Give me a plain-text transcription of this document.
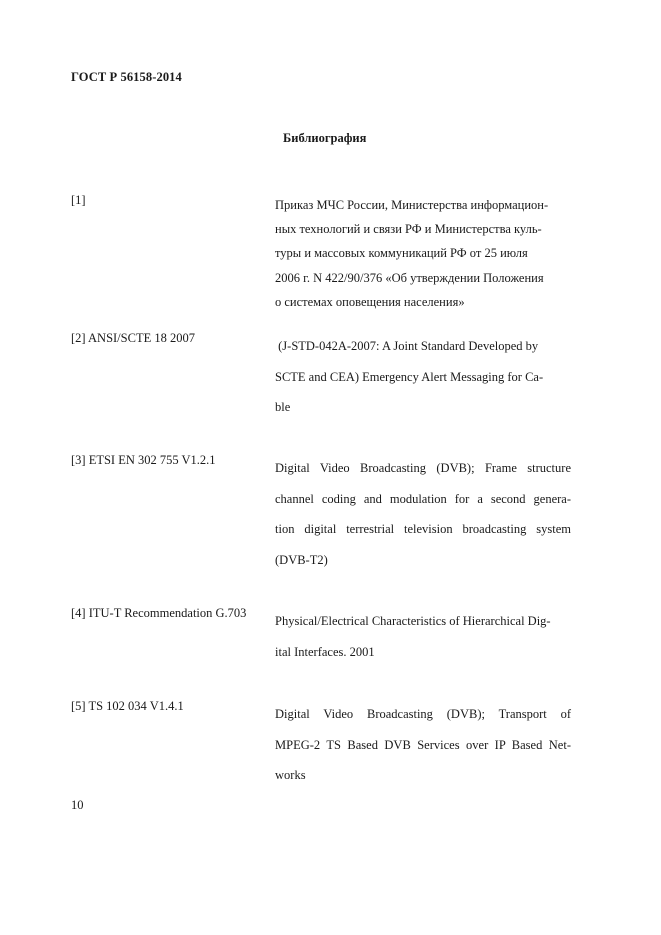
ГОСТ Р 56158-2014
Библиография
[1]	Приказ МЧС России, Министерства информацион-
ных технологий и связи РФ и Министерства куль-
туры и массовых коммуникаций РФ от 25 июля
2006 г. N 422/90/376 «Об утверждении Положения
о системах оповещения населения»
[2] ANSI/SCTE 18 2007
(J-STD-042A-2007: A Joint Standard Developed by
SCTE and CEA) Emergency Alert Messaging for Ca-
ble
[3] ETSI EN 302 755 V1.2.1
Digital Video Broadcasting (DVB); Frame structure
channel coding and modulation for a second genera-
tion digital terrestrial television broadcasting system
(DVB-T2)
[4] ITU-T Recommendation G.703
Physical/Electrical Characteristics of Hierarchical Dig-
ital Interfaces. 2001
[5] TS 102 034 V1.4.1
Digital Video Broadcasting (DVB); Transport of
MPEG-2 TS Based DVB Services over IP Based Net-
works
10
